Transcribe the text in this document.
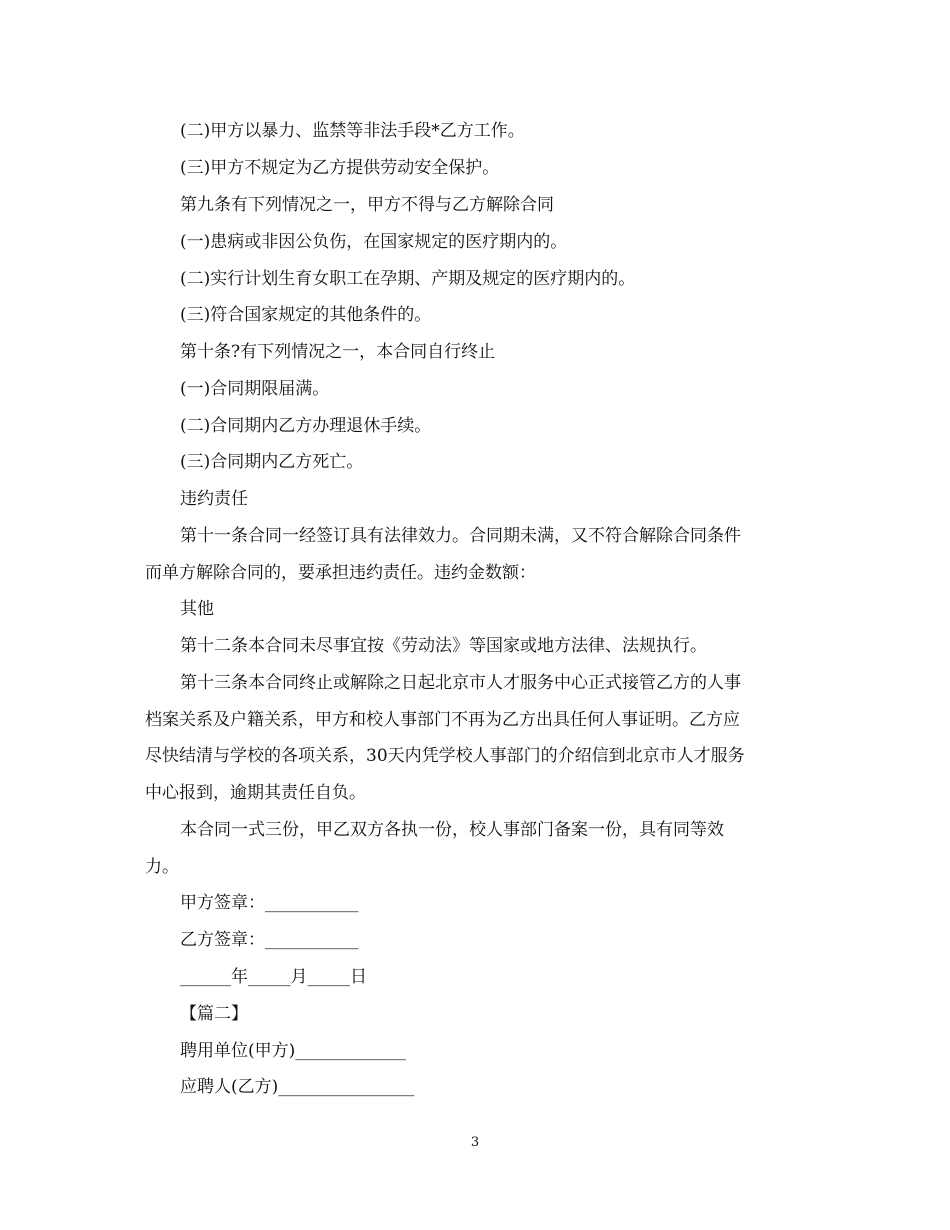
(二)甲方以暴力、监禁等非法手段*乙方工作。
(三)甲方不规定为乙方提供劳动安全保护。
第九条有下列情况之一，甲方不得与乙方解除合同
(一)患病或非因公负伤，在国家规定的医疗期内的。
(二)实行计划生育女职工在孕期、产期及规定的医疗期内的。
(三)符合国家规定的其他条件的。
第十条?有下列情况之一，本合同自行终止
(一)合同期限届满。
(二)合同期内乙方办理退休手续。
(三)合同期内乙方死亡。
违约责任
第十一条合同一经签订具有法律效力。合同期未满，又不符合解除合同条件
而单方解除合同的，要承担违约责任。违约金数额：
其他
第十二条本合同未尽事宜按《劳动法》等国家或地方法律、法规执行。
第十三条本合同终止或解除之日起北京市人才服务中心正式接管乙方的人事
档案关系及户籍关系，甲方和校人事部门不再为乙方出具任何人事证明。乙方应
尽快结清与学校的各项关系，30天内凭学校人事部门的介绍信到北京市人才服务
中心报到，逾期其责任自负。
本合同一式三份，甲乙双方各执一份，校人事部门备案一份，具有同等效
力。
甲方签章：___________
乙方签章：___________
______年_____月_____日
【篇二】
聘用单位(甲方)_____________
应聘人(乙方)________________
3
